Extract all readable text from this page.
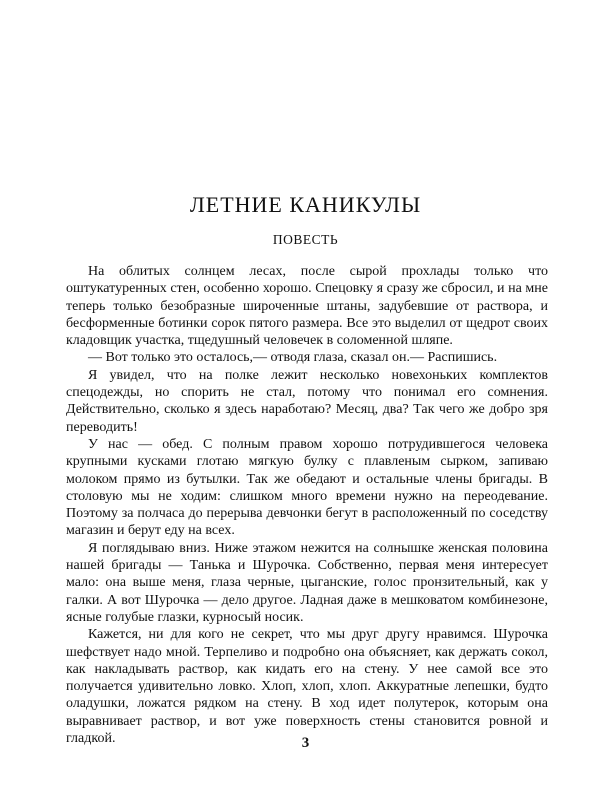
ЛЕТНИЕ КАНИКУЛЫ
ПОВЕСТЬ

На облитых солнцем лесах, после сырой прохлады только что оштукатуренных стен, особенно хорошо. Спецовку я сразу же сбросил, и на мне теперь только безобразные широченные штаны, задубевшие от раствора, и бесформенные ботинки сорок пятого размера. Все это выделил от щедрот своих кладовщик участка, тщедушный человечек в соломенной шляпе.

— Вот только это осталось,— отводя глаза, сказал он.— Распишись.

Я увидел, что на полке лежит несколько новехоньких комплектов спецодежды, но спорить не стал, потому что понимал его сомнения. Действительно, сколько я здесь наработаю? Месяц, два? Так чего же добро зря переводить!

У нас — обед. С полным правом хорошо потрудившегося человека крупными кусками глотаю мягкую булку с плавленым сырком, запиваю молоком прямо из бутылки. Так же обедают и остальные члены бригады. В столовую мы не ходим: слишком много времени нужно на переодевание. Поэтому за полчаса до перерыва девчонки бегут в расположенный по соседству магазин и берут еду на всех.

Я поглядываю вниз. Ниже этажом нежится на солнышке женская половина нашей бригады — Танька и Шурочка. Собственно, первая меня интересует мало: она выше меня, глаза черные, цыганские, голос пронзительный, как у галки. А вот Шурочка — дело другое. Ладная даже в мешковатом комбинезоне, ясные голубые глазки, курносый носик.

Кажется, ни для кого не секрет, что мы друг другу нравимся. Шурочка шефствует надо мной. Терпеливо и подробно она объясняет, как держать сокол, как накладывать раствор, как кидать его на стену. У нее самой все это получается удивительно ловко. Хлоп, хлоп, хлоп. Аккуратные лепешки, будто оладушки, ложатся рядком на стену. В ход идет полутерок, которым она выравнивает раствор, и вот уже поверхность стены становится ровной и гладкой.	3
